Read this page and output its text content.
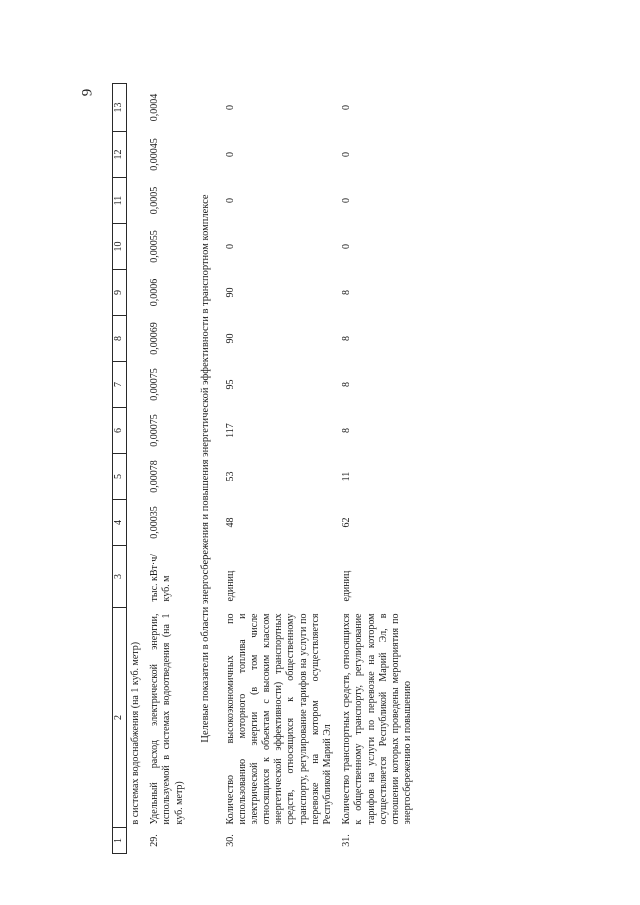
9
1	2	3	4	5	6	7	8	9	10	11	12	13
	в системах водоснабжения (на 1 куб. метр)											
29.	Удельный расход электрической энергии, используемой в системах водоотведения (на 1 куб. метр)	тыс. кВт·ч/ куб. м	0,00035	0,00078	0,00075	0,00075	0,00069	0,0006	0,00055	0,0005	0,00045	0,0004
Целевые показатели в области энергосбережения и повышения энергетической эффективности в транспортном комплексе												
30.	Количество высокоэкономичных по использованию моторного топлива и электрической энергии (в том числе относящихся к объектам с высоким классом энергетической эффективности) транспортных средств, относящихся к общественному транспорту, регулирование тарифов на услуги по перевозке на котором осуществляется Республикой Марий Эл	единиц	48	53	117	95	90	90	0	0	0	0
31.	Количество транспортных средств, относящихся к общественному транспорту, регулирование тарифов на услуги по перевозке на котором осуществляется Республикой Марий Эл, в отношении которых проведены мероприятия по энергосбережению и повышению	единиц	62	11	8	8	8	8	0	0	0	0
